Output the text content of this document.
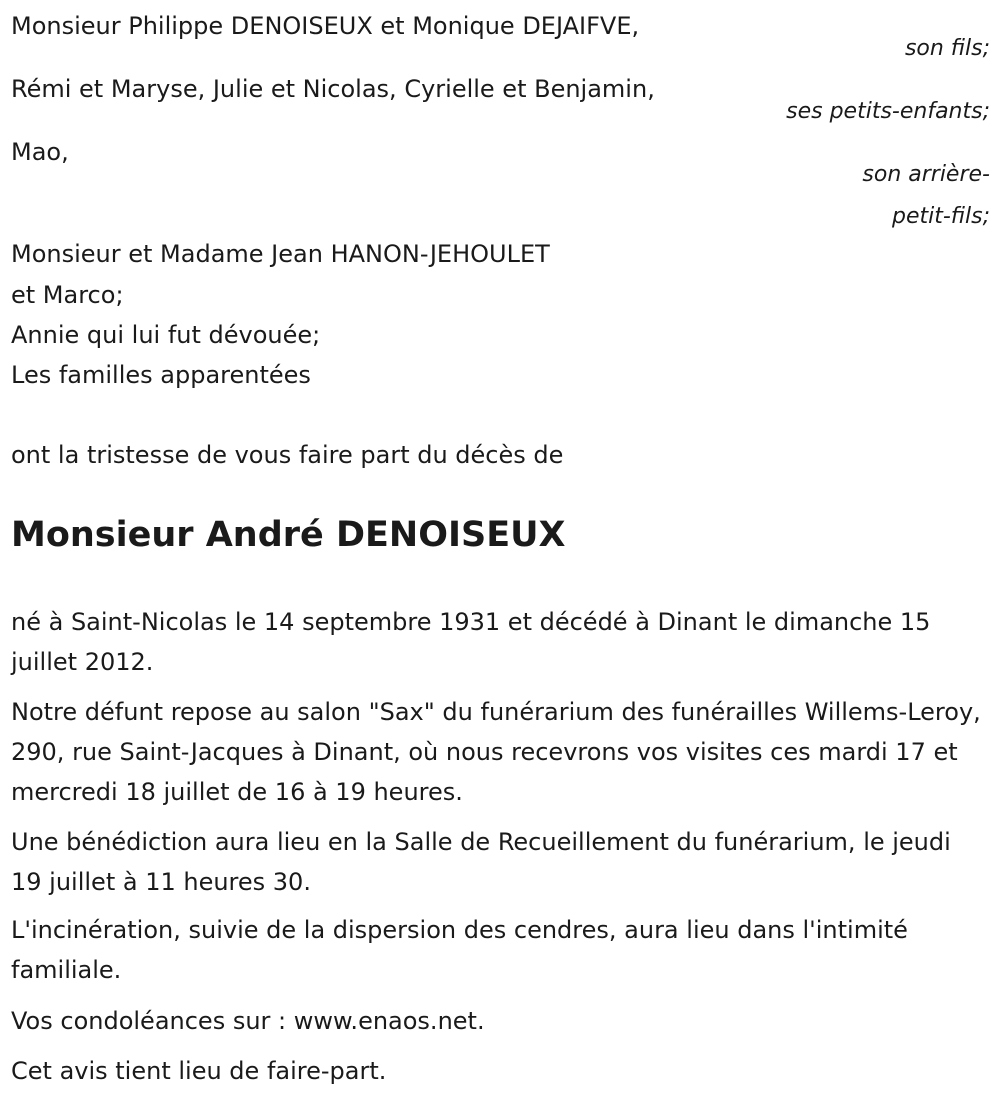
Monsieur Philippe DENOISEUX et Monique DEJAIFVE,

son fils;

Rémi et Maryse, Julie et Nicolas, Cyrielle et Benjamin,

ses petits-enfants;

Mao,

son arrière-

petit-fils;

Monsieur et Madame Jean HANON-JEHOULET

et Marco;

Annie qui lui fut dévouée;

Les familles apparentées

ont la tristesse de vous faire part du décès de

Monsieur André DENOISEUX

né à Saint-Nicolas le 14 septembre 1931 et décédé à Dinant le dimanche 15 juillet 2012.

Notre défunt repose au salon "Sax" du funérarium des funérailles Willems-Leroy, 290, rue Saint-Jacques à Dinant, où nous recevrons vos visites ces mardi 17 et mercredi 18 juillet de 16 à 19 heures.

Une bénédiction aura lieu en la Salle de Recueillement du funérarium, le jeudi 19 juillet à 11 heures 30.

L'incinération, suivie de la dispersion des cendres, aura lieu dans l'intimité familiale.

Vos condoléances sur : www.enaos.net.

Cet avis tient lieu de faire-part.
